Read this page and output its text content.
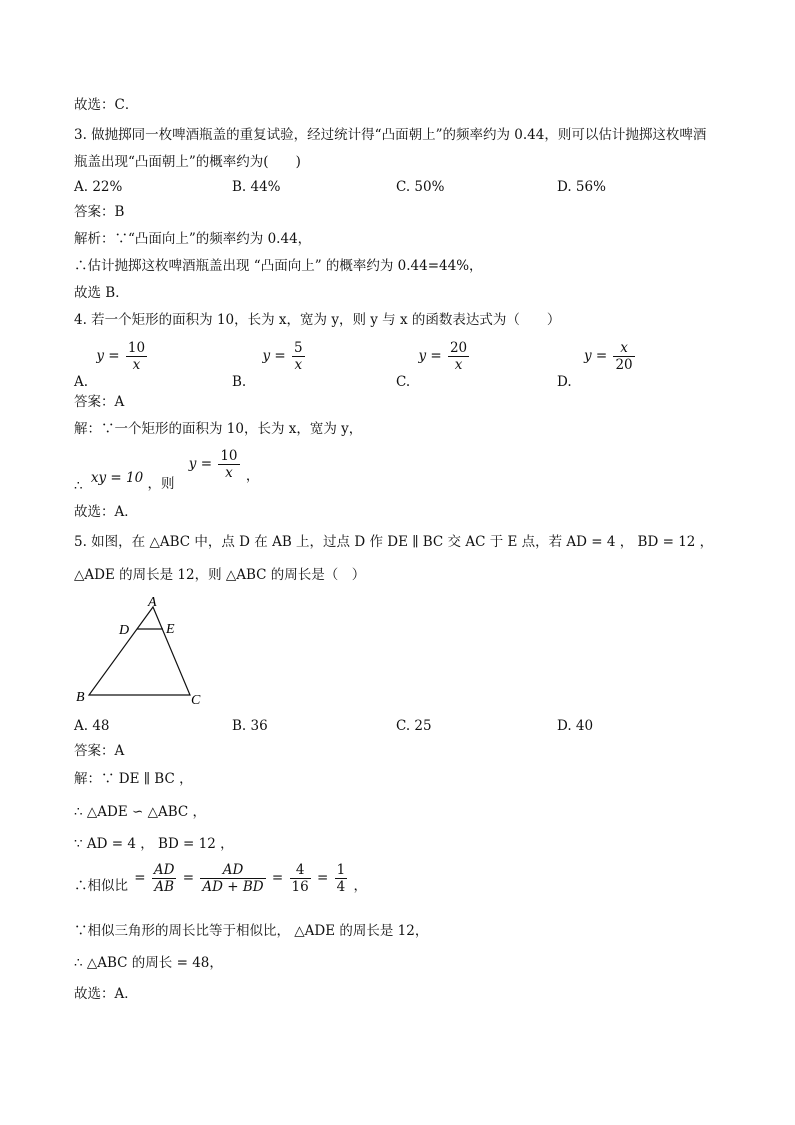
故选：C．
3. 做抛掷同一枚啤酒瓶盖的重复试验，经过统计得“凸面朝上”的频率约为 0.44，则可以估计抛掷这枚啤酒
瓶盖出现“凸面朝上”的概率约为(　　)
A. 22%	B. 44%	C. 50%	D. 56%
答案：B
解析：∵“凸面向上”的频率约为 0.44，
∴估计抛掷这枚啤酒瓶盖出现 “凸面向上” 的概率约为 0.44=44%，
故选 B．
4. 若一个矩形的面积为 10，长为 x，宽为 y，则 y 与 x 的函数表达式为（　　）
A. $y = \frac{10}{x}$
B. $y = \frac{5}{x}$
C. $y = \frac{20}{x}$
D. $y = \frac{x}{20}$
答案：A
解：∵一个矩形的面积为 10，长为 x，宽为 y，
∴ xy = 10 ，则 $y = \frac{10}{x}$ ，
故选：A．
5. 如图，在 △ABC 中，点 D 在 AB 上，过点 D 作 DE ∥ BC 交 AC 于 E 点，若 AD = 4 ， BD = 12 ，
△ADE 的周长是 12，则 △ABC 的周长是（　）
A
D	E
B	C
A. 48	B. 36	C. 25	D. 40
答案：A
解：∵ DE ∥ BC ，
∴ △ADE ∽ △ABC ，
∵ AD = 4 ， BD = 12 ，
∴相似比 = $\frac{AD}{AB} = \frac{AD}{AD + BD} = \frac{4}{16} = \frac{1}{4}$ ，
∵相似三角形的周长比等于相似比， △ADE 的周长是 12，
∴ △ABC 的周长 = 48，
故选：A．
